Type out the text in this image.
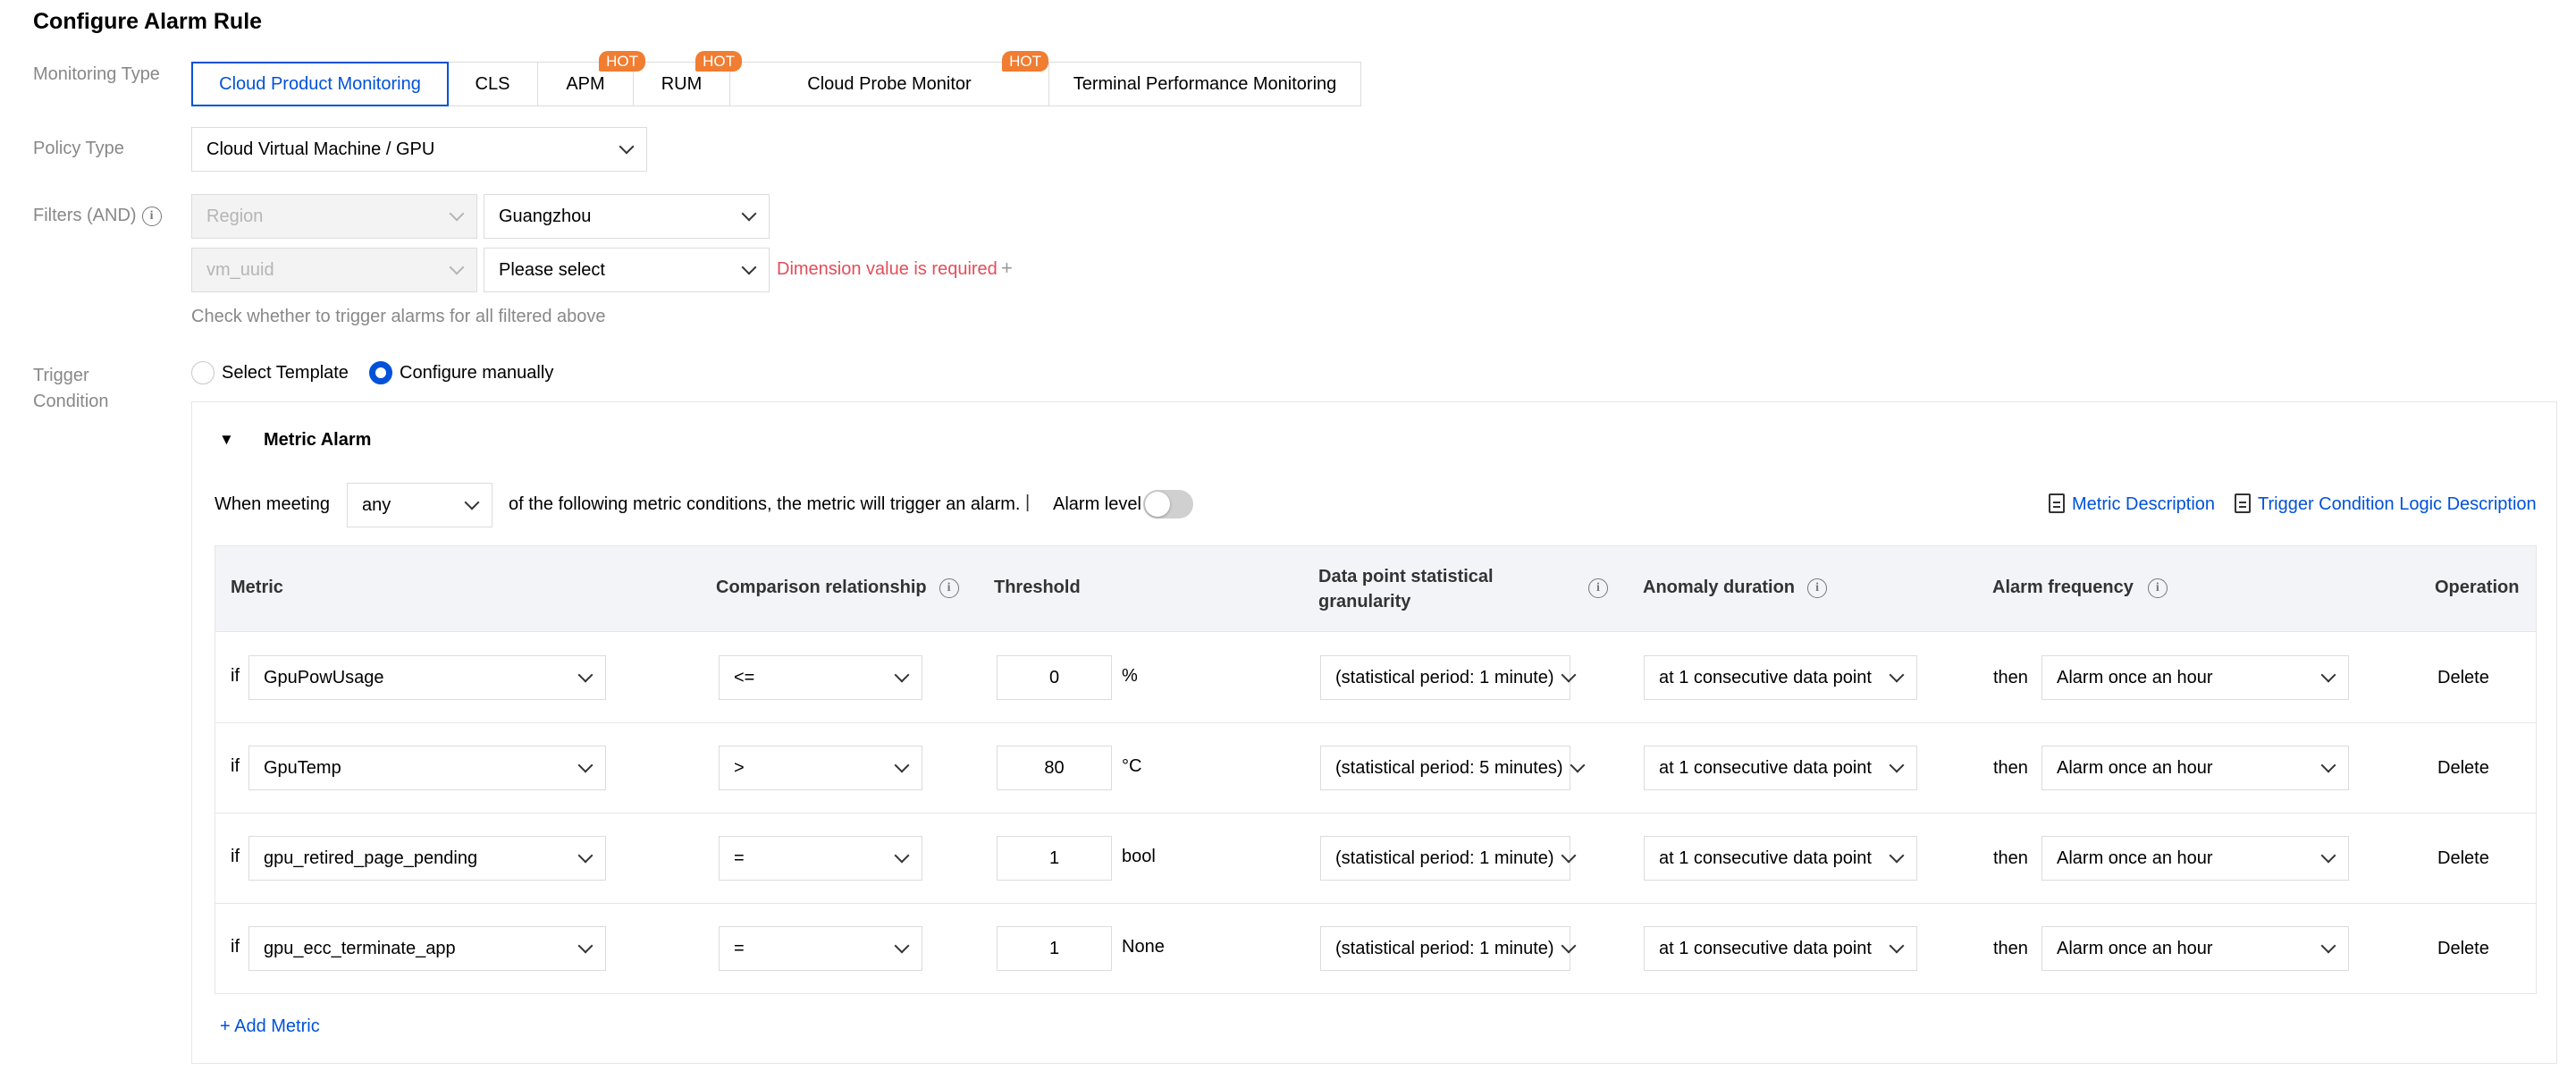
Configure Alarm Rule
Monitoring Type	Cloud Product Monitoring	CLS	APM
HOT
RUM
HOT
Cloud Probe Monitor
HOT
Terminal Performance Monitoring
Policy Type	Cloud Virtual Machine / GPU
Filters (AND)	i	Region	Guangzhou
vm_uuid	Please select	Dimension value is required +
Check whether to trigger alarms for all filtered above
Trigger
Condition
Select Template	Configure manually
▼ Metric Alarm
When meeting any	of the following metric conditions, the metric will trigger an alarm. | Alarm level	Metric Description	Trigger Condition Logic Description
Metric	Comparison relationship	i	Threshold
Data point statistical
granularity
i	Anomaly duration	i	Alarm frequency	i	Operation
if GpuPowUsage	<=	0	%	(statistical period: 1 minute)	at 1 consecutive data point	then Alarm once an hour	Delete
if GpuTemp	>	80	°C	(statistical period: 5 minutes)	at 1 consecutive data point	then Alarm once an hour	Delete
if gpu_retired_page_pending	=	1	bool	(statistical period: 1 minute)	at 1 consecutive data point	then Alarm once an hour	Delete
if gpu_ecc_terminate_app	=	1	None	(statistical period: 1 minute)	at 1 consecutive data point	then Alarm once an hour	Delete
+ Add Metric
